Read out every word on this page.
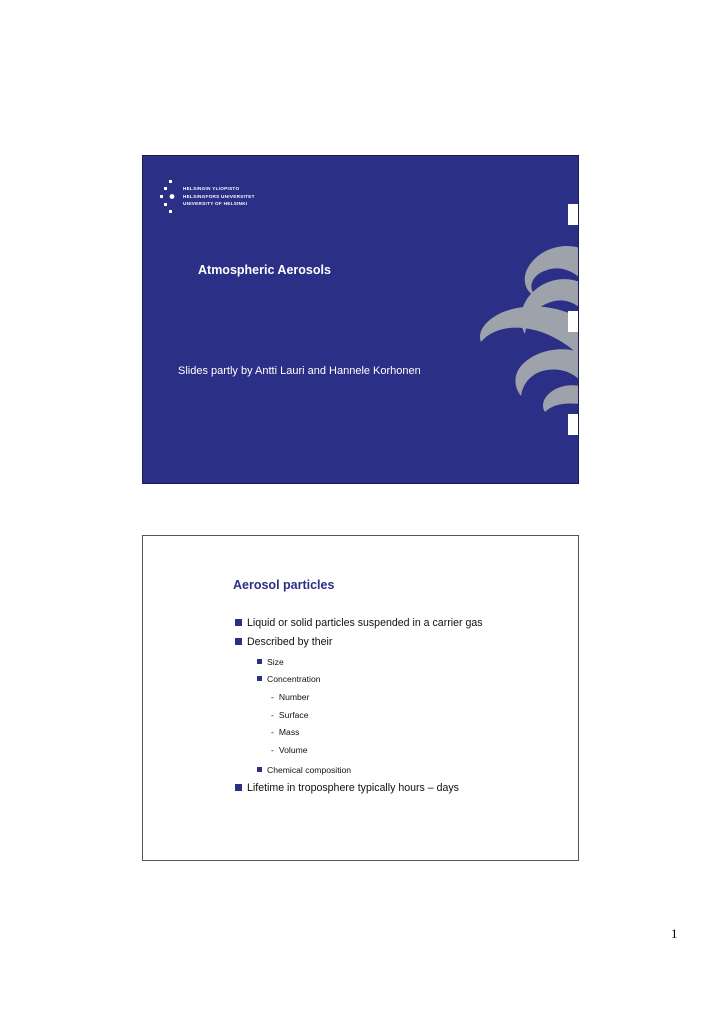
HELSINGIN YLIOPISTO
HELSINGFORS UNIVERSITET
UNIVERSITY OF HELSINKI
Atmospheric Aerosols
Slides partly by Antti Lauri and Hannele Korhonen
Aerosol particles
Liquid or solid particles suspended in a carrier gas
Described by their
Size
Concentration
- Number
- Surface
- Mass
- Volume
Chemical composition
Lifetime in troposphere typically hours – days
1
